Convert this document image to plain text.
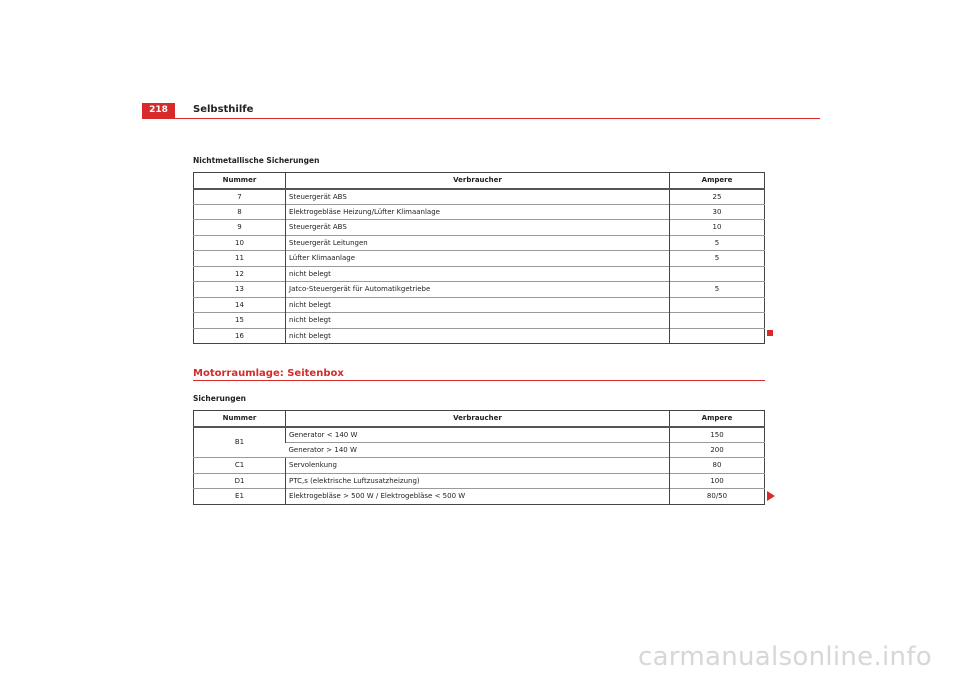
218	Selbsthilfe
Nichtmetallische Sicherungen
Nummer	Verbraucher	Ampere
7	Steuergerät ABS	25
8	Elektrogebläse Heizung/Lüfter Klimaanlage	30
9	Steuergerät ABS	10
10	Steuergerät Leitungen	5
11	Lüfter Klimaanlage	5
12	nicht belegt	
13	Jatco-Steuergerät für Automatikgetriebe	5
14	nicht belegt	
15	nicht belegt	
16	nicht belegt	
Motorraumlage: Seitenbox
Sicherungen
Nummer	Verbraucher	Ampere
B1	Generator < 140 W	150
	Generator > 140 W	200
C1	Servolenkung	80
D1	PTC,s (elektrische Luftzusatzheizung)	100
E1	Elektrogebläse > 500 W / Elektrogebläse < 500 W	80/50
carmanualsonline.info
